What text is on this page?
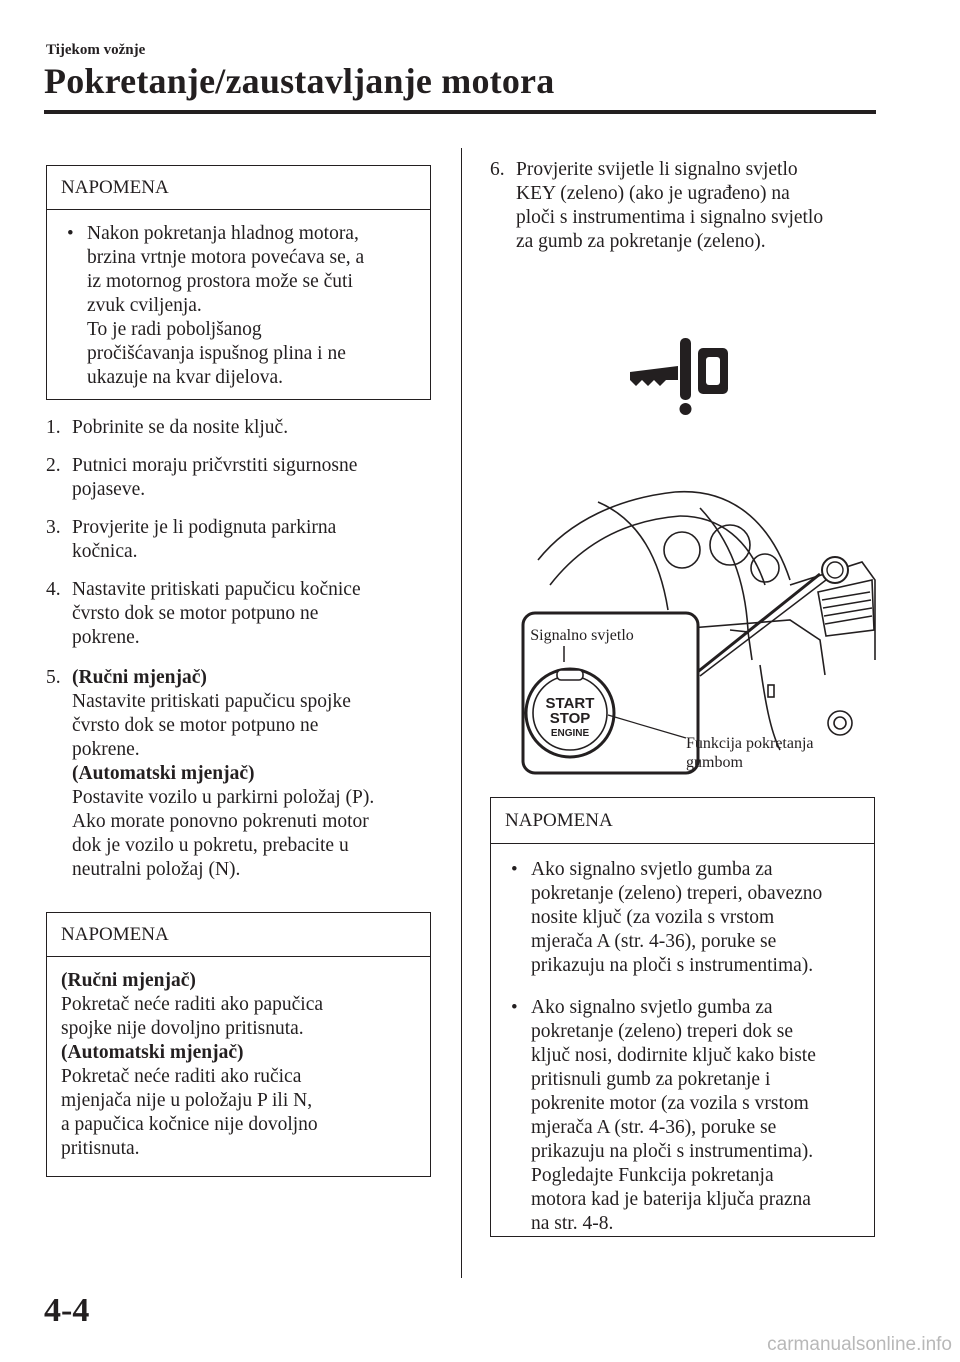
Tijekom vožnje
Pokretanje/zaustavljanje motora
NAPOMENA
• Nakon pokretanja hladnog motora,
brzina vrtnje motora povećava se, a
iz motornog prostora može se čuti
zvuk cviljenja.
To je radi poboljšanog
pročišćavanja ispušnog plina i ne
ukazuje na kvar dijelova.
1. Pobrinite se da nosite ključ.
2. Putnici moraju pričvrstiti sigurnosne
pojaseve.
3. Provjerite je li podignuta parkirna
kočnica.
4. Nastavite pritiskati papučicu kočnice
čvrsto dok se motor potpuno ne
pokrene.
5. (Ručni mjenjač)
Nastavite pritiskati papučicu spojke
čvrsto dok se motor potpuno ne
pokrene.
(Automatski mjenjač)
Postavite vozilo u parkirni položaj (P).
Ako morate ponovno pokrenuti motor
dok je vozilo u pokretu, prebacite u
neutralni položaj (N).
NAPOMENA
(Ručni mjenjač)
Pokretač neće raditi ako papučica
spojke nije dovoljno pritisnuta.
(Automatski mjenjač)
Pokretač neće raditi ako ručica
mjenjača nije u položaju P ili N,
a papučica kočnice nije dovoljno
pritisnuta.
6. Provjerite svijetle li signalno svjetlo
KEY (zeleno) (ako je ugrađeno) na
ploči s instrumentima i signalno svjetlo
za gumb za pokretanje (zeleno).
Signalno svjetlo
START
STOP
ENGINE
Funkcija pokretanja
gumbom
NAPOMENA
• Ako signalno svjetlo gumba za
pokretanje (zeleno) treperi, obavezno
nosite ključ (za vozila s vrstom
mjerača A (str. 4-36), poruke se
prikazuju na ploči s instrumentima).
• Ako signalno svjetlo gumba za
pokretanje (zeleno) treperi dok se
ključ nosi, dodirnite ključ kako biste
pritisnuli gumb za pokretanje i
pokrenite motor (za vozila s vrstom
mjerača A (str. 4-36), poruke se
prikazuju na ploči s instrumentima).
Pogledajte Funkcija pokretanja
motora kad je baterija ključa prazna
na str. 4-8.
4-4
carmanualsonline.info
